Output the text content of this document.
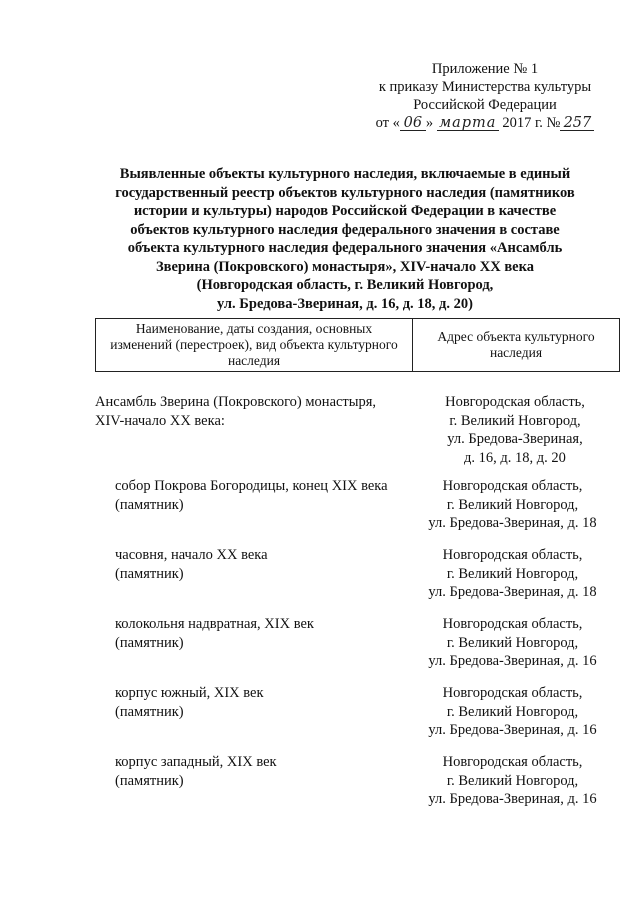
Приложение № 1
к приказу Министерства культуры
Российской Федерации
от « 06 » марта 2017 г. № 257
Выявленные объекты культурного наследия, включаемые в единый
государственный реестр объектов культурного наследия (памятников
истории и культуры) народов Российской Федерации в качестве
объектов культурного наследия федерального значения в составе
объекта культурного наследия федерального значения «Ансамбль
Зверина (Покровского) монастыря», XIV-начало XX века
(Новгородская область, г. Великий Новгород,
ул. Бредова-Звериная, д. 16, д. 18, д. 20)
Наименование, даты создания, основных
изменений (перестроек), вид объекта культурного
наследия
Адрес объекта культурного
наследия
Ансамбль Зверина (Покровского) монастыря,
XIV-начало XX века:
Новгородская область,
г. Великий Новгород,
ул. Бредова-Звериная,
д. 16, д. 18, д. 20
собор Покрова Богородицы, конец XIX века
(памятник)
Новгородская область,
г. Великий Новгород,
ул. Бредова-Звериная, д. 18
часовня, начало XX века
(памятник)
Новгородская область,
г. Великий Новгород,
ул. Бредова-Звериная, д. 18
колокольня надвратная, XIX век
(памятник)
Новгородская область,
г. Великий Новгород,
ул. Бредова-Звериная, д. 16
корпус южный, XIX век
(памятник)
Новгородская область,
г. Великий Новгород,
ул. Бредова-Звериная, д. 16
корпус западный, XIX век
(памятник)
Новгородская область,
г. Великий Новгород,
ул. Бредова-Звериная, д. 16
